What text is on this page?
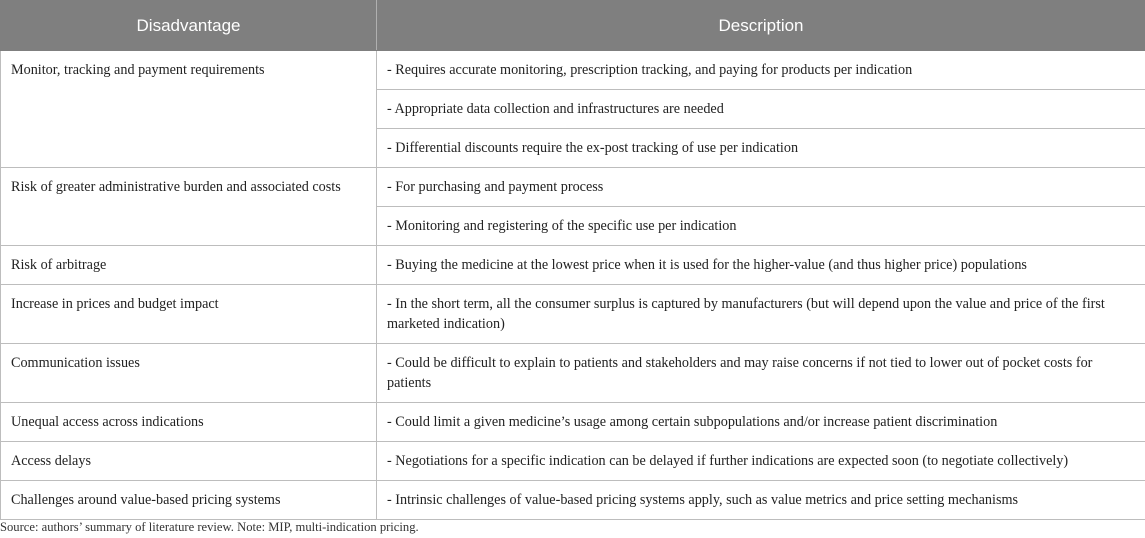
Disadvantage	Description
Monitor, tracking and payment requirements	- Requires accurate monitoring, prescription tracking, and paying for products per indication
	- Appropriate data collection and infrastructures are needed
	- Differential discounts require the ex-post tracking of use per indication
Risk of greater administrative burden and associated costs	- For purchasing and payment process
	- Monitoring and registering of the specific use per indication
Risk of arbitrage	- Buying the medicine at the lowest price when it is used for the higher-value (and thus higher price) populations
Increase in prices and budget impact	- In the short term, all the consumer surplus is captured by manufacturers (but will depend upon the value and price of the first marketed indication)
Communication issues	- Could be difficult to explain to patients and stakeholders and may raise concerns if not tied to lower out of pocket costs for patients
Unequal access across indications	- Could limit a given medicine’s usage among certain subpopulations and/or increase patient discrimination
Access delays	- Negotiations for a specific indication can be delayed if further indications are expected soon (to negotiate collectively)
Challenges around value-based pricing systems	- Intrinsic challenges of value-based pricing systems apply, such as value metrics and price setting mechanisms
Source: authors’ summary of literature review. Note: MIP, multi-indication pricing.
